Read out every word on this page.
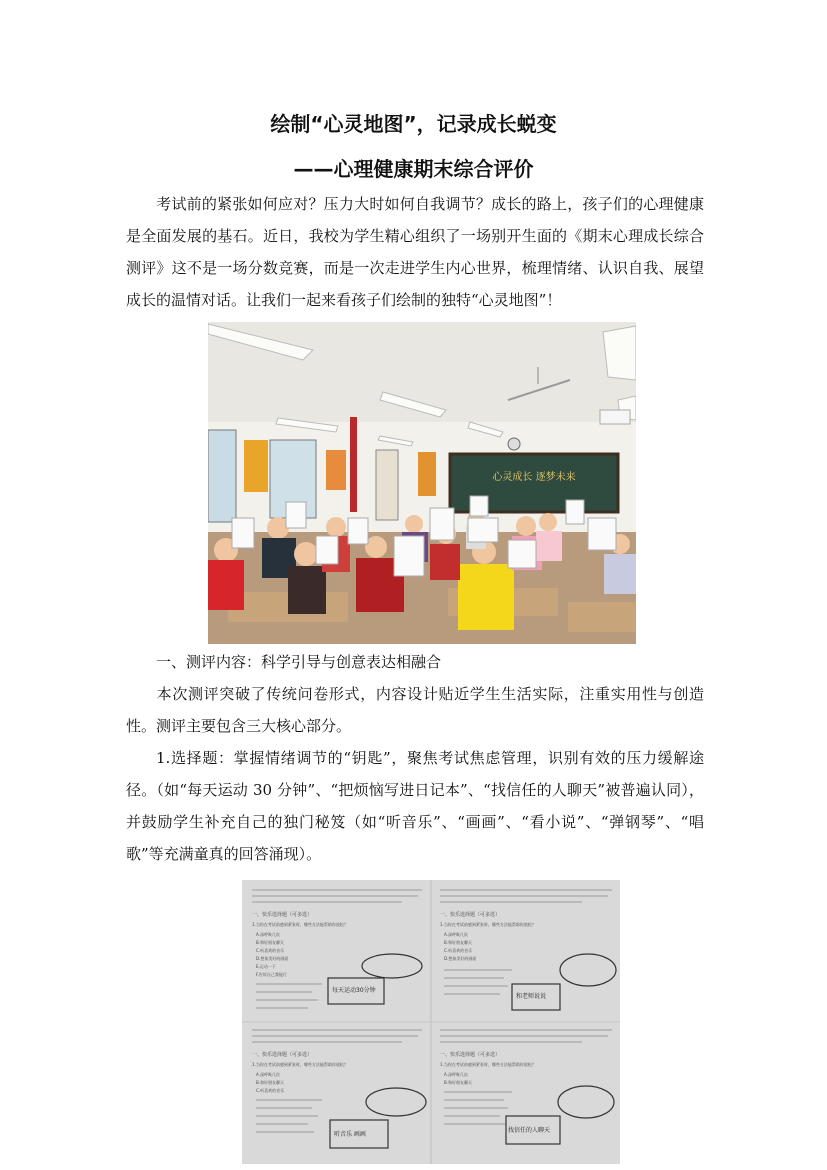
绘制“心灵地图”，记录成长蜕变
——心理健康期末综合评价
考试前的紧张如何应对？压力大时如何自我调节？成长的路上，孩子们的心理健康是全面发展的基石。近日，我校为学生精心组织了一场别开生面的《期末心理成长综合测评》这不是一场分数竞赛，而是一次走进学生内心世界，梳理情绪、认识自我、展望成长的温情对话。让我们一起来看孩子们绘制的独特“心灵地图”！
心灵成长 逐梦未来
一、测评内容：科学引导与创意表达相融合
本次测评突破了传统问卷形式，内容设计贴近学生生活实际，注重实用性与创造性。测评主要包含三大核心部分。
1.选择题：掌握情绪调节的“钥匙”，聚焦考试焦虑管理，识别有效的压力缓解途径。（如“每天运动 30 分钟”、“把烦恼写进日记本”、“找信任的人聊天”被普遍认同），并鼓励学生补充自己的独门秘笈（如“听音乐”、“画画”、“看小说”、“弹钢琴”、“唱歌”等充满童真的回答涌现）。
一、快乐选择题（可多选）
1.当你在考试前感到紧张时，哪些方法能帮助你放松？
A.深呼吸几次
B.和好朋友聊天
C.听喜欢的音乐
D.想象美好的画面
E.运动一下
F.告诉自己我能行
一、快乐选择题（可多选）
1.当你在考试前感到紧张时，哪些方法能帮助你放松？
A.深呼吸几次
B.和好朋友聊天
C.听喜欢的音乐
D.想象美好的画面
一、快乐选择题（可多选）
1.当你在考试前感到紧张时，哪些方法能帮助你放松？
A.深呼吸几次
B.和好朋友聊天
C.听喜欢的音乐
一、快乐选择题（可多选）
1.当你在考试前感到紧张时，哪些方法能帮助你放松？
A.深呼吸几次
B.和好朋友聊天
每天运动30分钟
和老师说说
听音乐 画画
找信任的人聊天
